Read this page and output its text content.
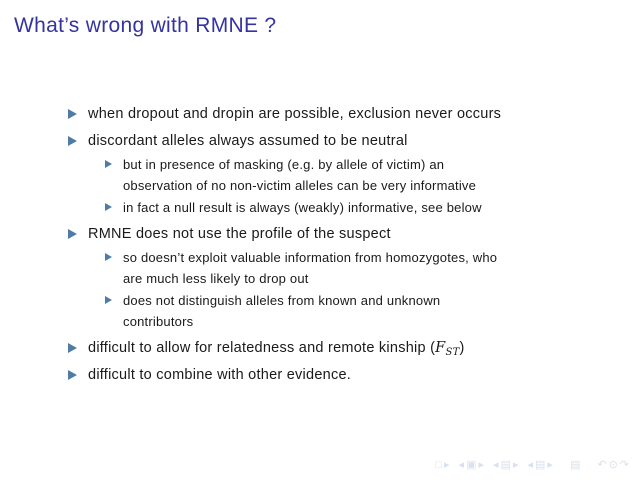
What’s wrong with RMNE ?
when dropout and dropin are possible, exclusion never occurs
discordant alleles always assumed to be neutral
but in presence of masking (e.g. by allele of victim) an
observation of no non-victim alleles can be very informative
in fact a null result is always (weakly) informative, see below
RMNE does not use the profile of the suspect
so doesn’t exploit valuable information from homozygotes, who
are much less likely to drop out
does not distinguish alleles from known and unknown
contributors
difficult to allow for relatedness and remote kinship $(F_{ST})$
difficult to combine with other evidence.
□ ▸ ◂ ▣ ▸ ◂ ▤ ▸ ◂ ▤ ▸ ▤ ↶ ⊙ ↷
